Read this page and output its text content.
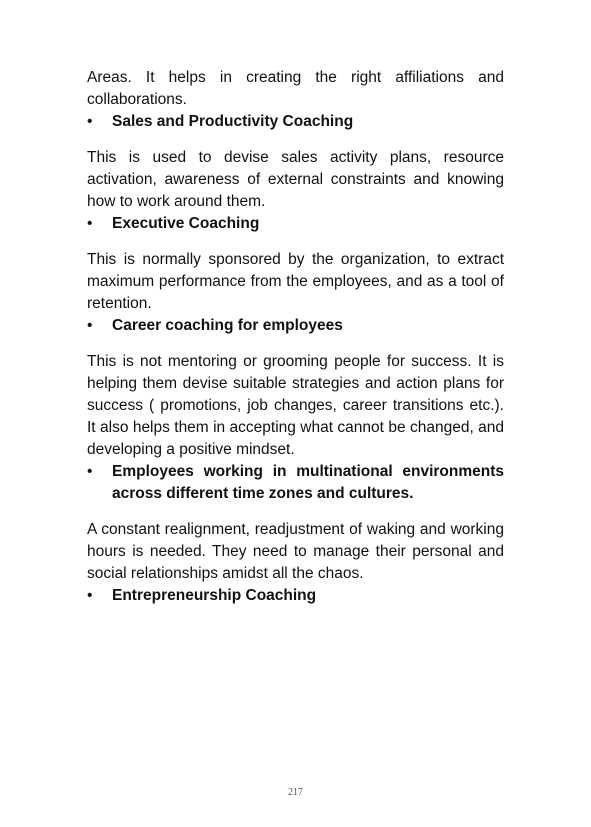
Areas. It helps in creating the right affiliations and collaborations.

•	Sales and Productivity Coaching

This is used to devise sales activity plans, resource activation, awareness of external constraints and knowing how to work around them.

•	Executive Coaching

This is normally sponsored by the organization, to extract maximum performance from the employees, and as a tool of retention.

•	Career coaching for employees

This is not mentoring or grooming people for success. It is helping them devise suitable strategies and action plans for success ( promotions, job changes, career transitions etc.). It also helps them in accepting what cannot be changed, and developing a positive mindset.

•	Employees working in multinational environments across different time zones and cultures.

A constant realignment, readjustment of waking and working hours is needed. They need to manage their personal and social relationships amidst all the chaos.

•	Entrepreneurship Coaching
217
